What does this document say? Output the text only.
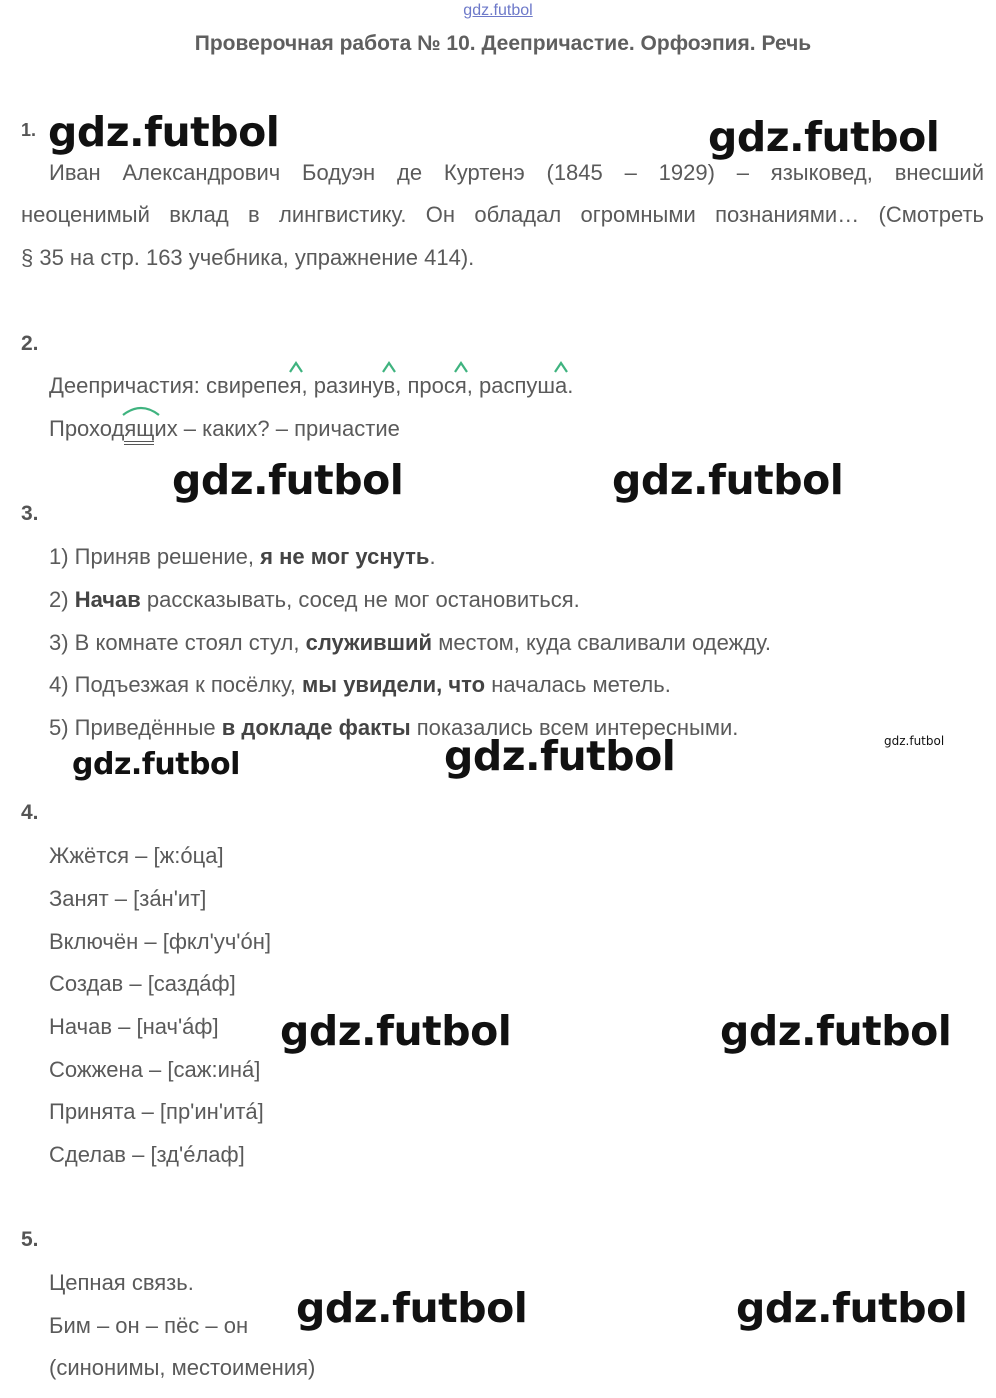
gdz.futbol
Проверочная работа № 10. Деепричастие. Орфоэпия. Речь
1. gdz.futbol	gdz.futbol
Иван Александрович Бодуэн де Куртенэ (1845 – 1929) – языковед, внесший
неоценимый вклад в лингвистику. Он обладал огромными познаниями… (Смотреть
§ 35 на стр. 163 учебника, упражнение 414).
2.
Деепричастия: свирепея
, разинув
, прося
, распуша
.
Проходящ
их – каких? – причастие
gdz.futbol	gdz.futbol
3.
1) Приняв решение, я не мог уснуть.
2) Начав рассказывать, сосед не мог остановиться.
3) В комнате стоял стул, служивший местом, куда сваливали одежду.
4) Подъезжая к посёлку, мы увидели, что началась метель.
5) Приведённые в докладе факты показались всем интересными.
gdz.futbol
gdz.futbol
gdz.futbol
4.
Жжётся – [ж:óца]
Занят – [зáн'ит]
Включён – [фкл'уч'óн]
Создав – [саздáф]
Начав – [нач'áф]
Сожжена – [саж:инá]
Принята – [пр'ин'итá]
Сделав – [зд'éлаф]
gdz.futbol	gdz.futbol
5.
Цепная связь.
Бим – он – пёс – он
(синонимы, местоимения)
gdz.futbol	gdz.futbol
